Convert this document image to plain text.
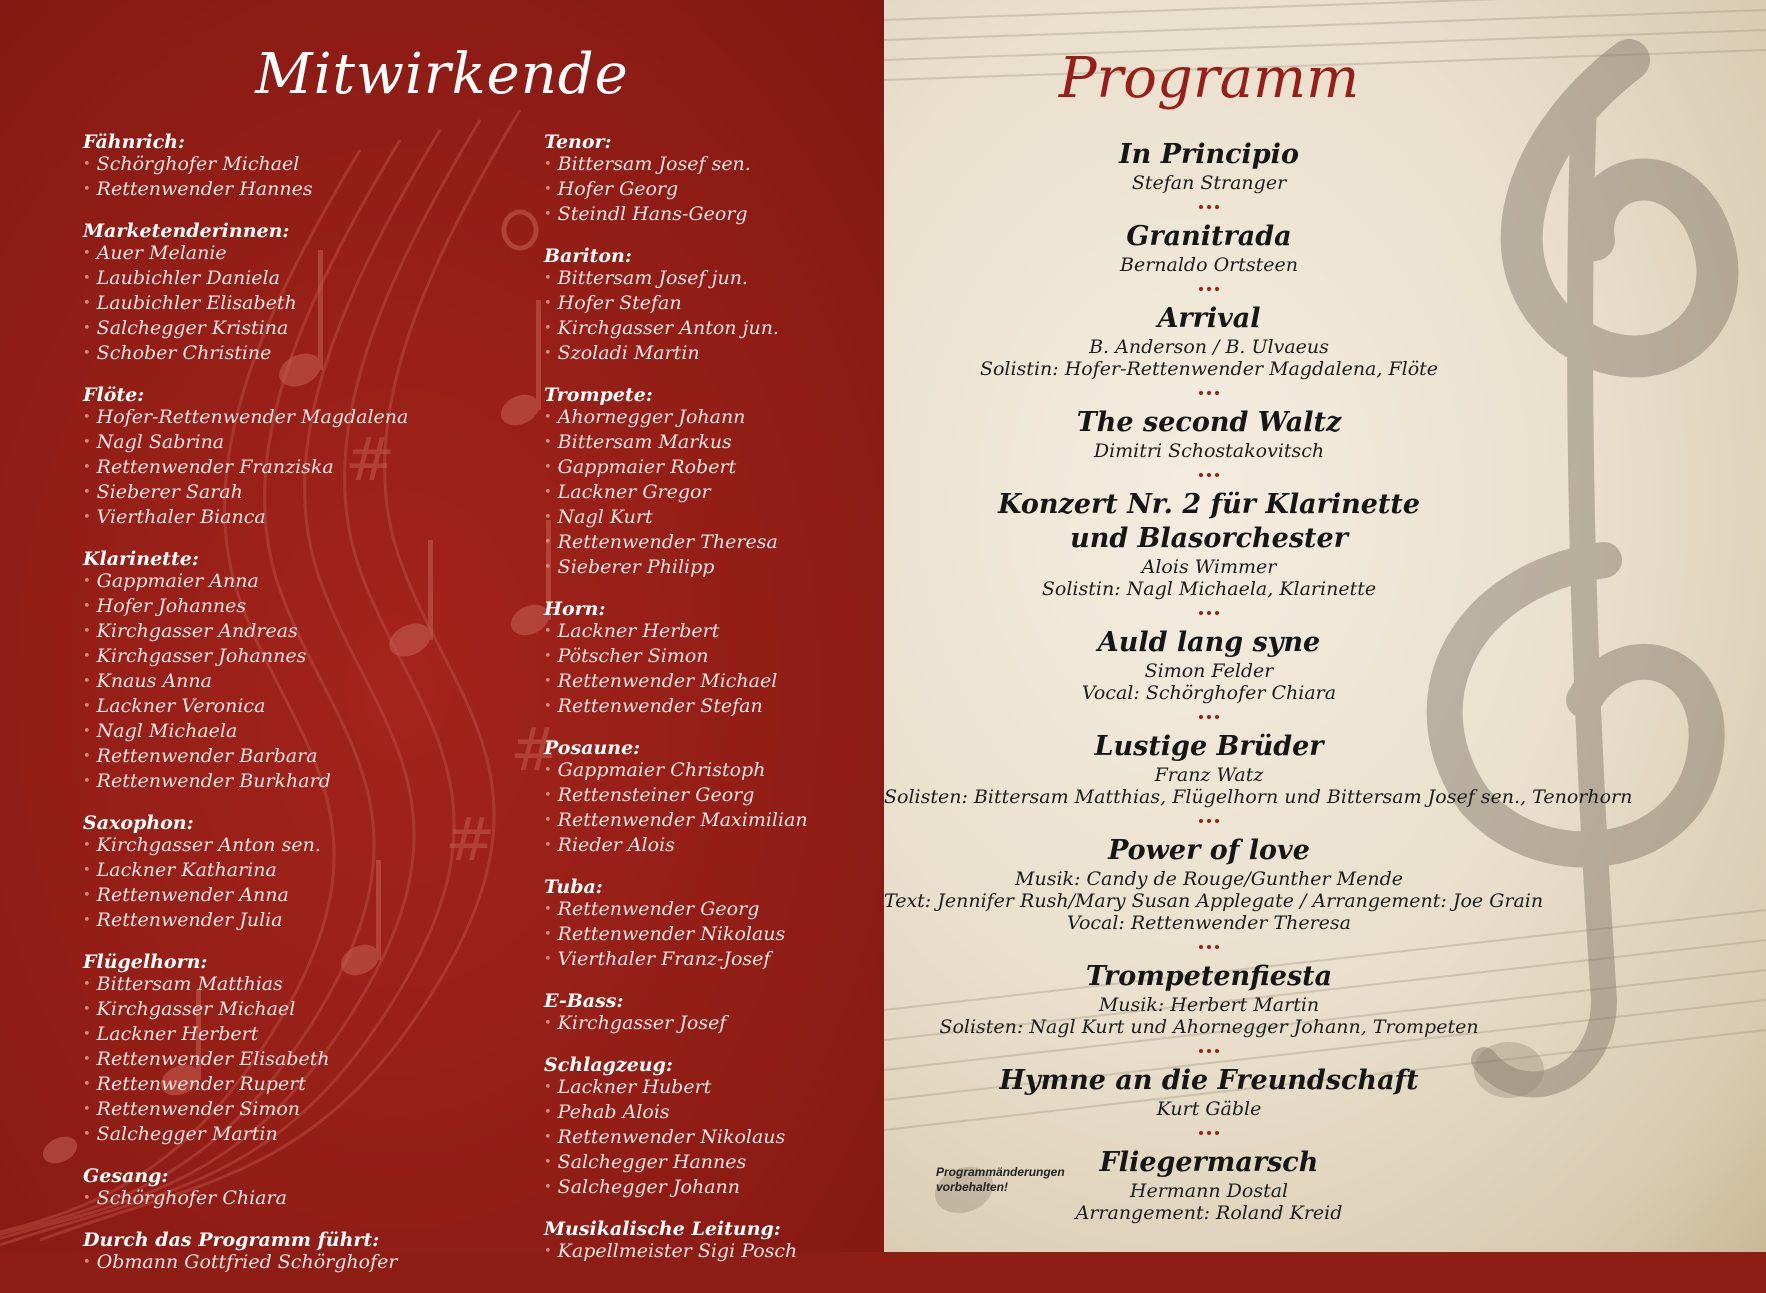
#
#
#
Mitwirkende
Fähnrich:
• Schörghofer Michael
• Rettenwender Hannes
Marketenderinnen:
• Auer Melanie
• Laubichler Daniela
• Laubichler Elisabeth
• Salchegger Kristina
• Schober Christine
Flöte:
• Hofer-Rettenwender Magdalena
• Nagl Sabrina
• Rettenwender Franziska
• Sieberer Sarah
• Vierthaler Bianca
Klarinette:
• Gappmaier Anna
• Hofer Johannes
• Kirchgasser Andreas
• Kirchgasser Johannes
• Knaus Anna
• Lackner Veronica
• Nagl Michaela
• Rettenwender Barbara
• Rettenwender Burkhard
Saxophon:
• Kirchgasser Anton sen.
• Lackner Katharina
• Rettenwender Anna
• Rettenwender Julia
Flügelhorn:
• Bittersam Matthias
• Kirchgasser Michael
• Lackner Herbert
• Rettenwender Elisabeth
• Rettenwender Rupert
• Rettenwender Simon
• Salchegger Martin
Gesang:
• Schörghofer Chiara
Durch das Programm führt:
• Obmann Gottfried Schörghofer
Tenor:
• Bittersam Josef sen.
• Hofer Georg
• Steindl Hans-Georg
Bariton:
• Bittersam Josef jun.
• Hofer Stefan
• Kirchgasser Anton jun.
• Szoladi Martin
Trompete:
• Ahornegger Johann
• Bittersam Markus
• Gappmaier Robert
• Lackner Gregor
• Nagl Kurt
• Rettenwender Theresa
• Sieberer Philipp
Horn:
• Lackner Herbert
• Pötscher Simon
• Rettenwender Michael
• Rettenwender Stefan
Posaune:
• Gappmaier Christoph
• Rettensteiner Georg
• Rettenwender Maximilian
• Rieder Alois
Tuba:
• Rettenwender Georg
• Rettenwender Nikolaus
• Vierthaler Franz-Josef
E-Bass:
• Kirchgasser Josef
Schlagzeug:
• Lackner Hubert
• Pehab Alois
• Rettenwender Nikolaus
• Salchegger Hannes
• Salchegger Johann
Musikalische Leitung:
• Kapellmeister Sigi Posch
Programm
In Principio
Stefan Stranger
Granitrada
Bernaldo Ortsteen
Arrival
B. Anderson / B. Ulvaeus
Solistin: Hofer-Rettenwender Magdalena, Flöte
The second Waltz
Dimitri Schostakovitsch
Konzert Nr. 2 für Klarinette
und Blasorchester
Alois Wimmer
Solistin: Nagl Michaela, Klarinette
Auld lang syne
Simon Felder
Vocal: Schörghofer Chiara
Lustige Brüder
Franz Watz
Solisten: Bittersam Matthias, Flügelhorn und Bittersam Josef sen., Tenorhorn
Power of love
Musik: Candy de Rouge/Gunther Mende
Text: Jennifer Rush/Mary Susan Applegate / Arrangement: Joe Grain
Vocal: Rettenwender Theresa
Trompetenfiesta
Musik: Herbert Martin
Solisten: Nagl Kurt und Ahornegger Johann, Trompeten
Hymne an die Freundschaft
Kurt Gäble
Fliegermarsch
Hermann Dostal
Arrangement: Roland Kreid
Programmänderungen
vorbehalten!
